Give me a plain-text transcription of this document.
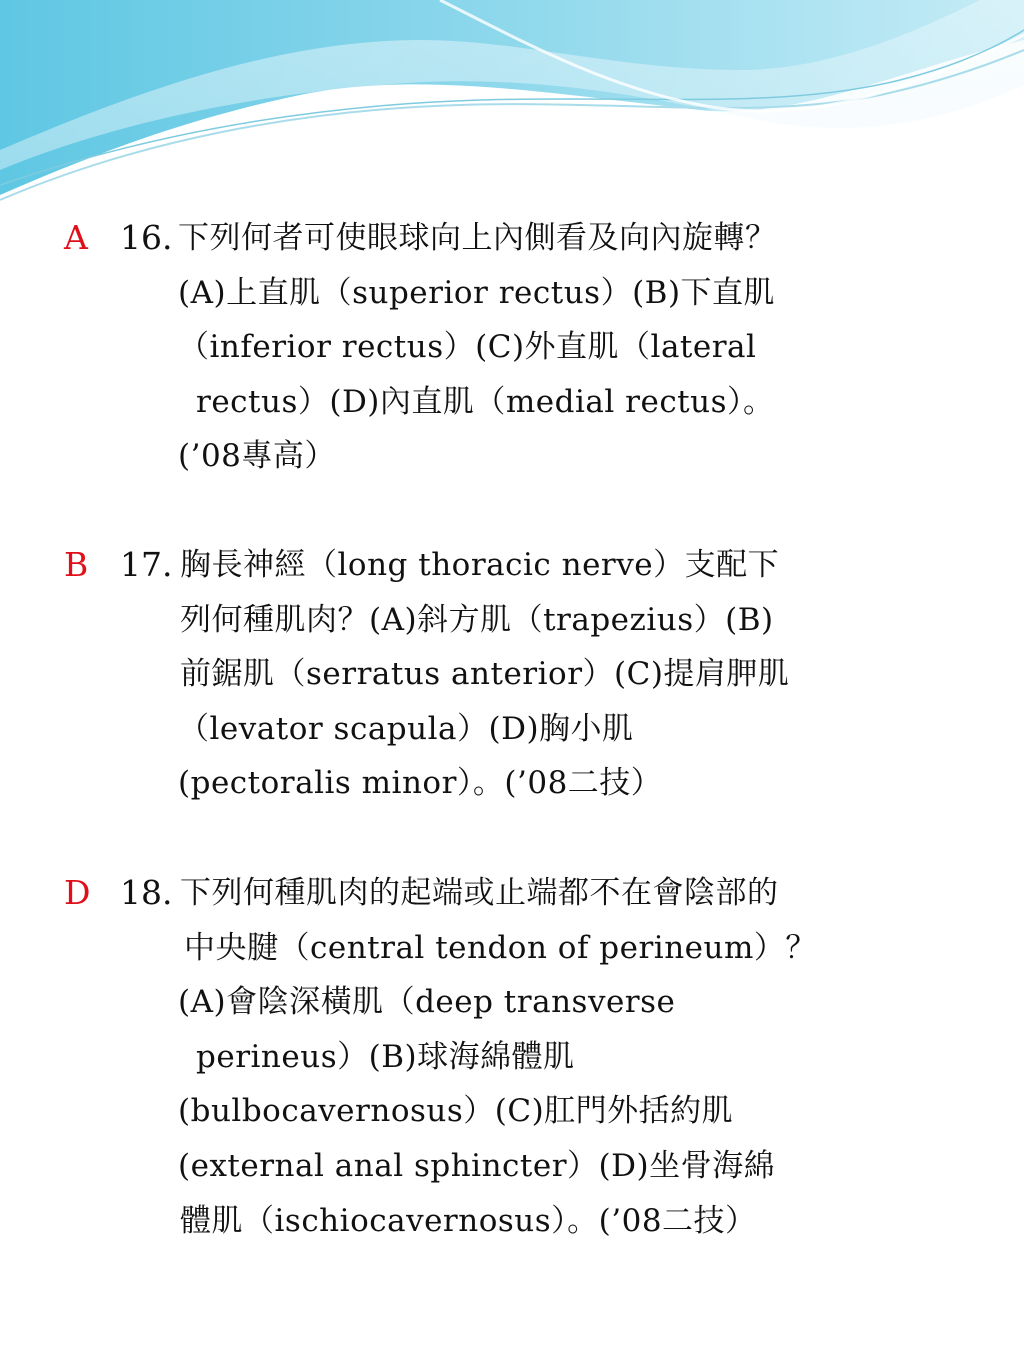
A 16. 下列何者可使眼球向上內側看及向內旋轉？
(A)上直肌（superior rectus）(B)下直肌
（inferior rectus）(C)外直肌（lateral
rectus）(D)內直肌（medial rectus）。
(’08專高）
B 17. 胸長神經（long thoracic nerve）支配下
列何種肌肉？(A)斜方肌（trapezius）(B)
前鋸肌（serratus anterior）(C)提肩胛肌
（levator scapula）(D)胸小肌
(pectoralis minor）。(’08二技）
D 18. 下列何種肌肉的起端或止端都不在會陰部的
中央腱（central tendon of perineum）？
(A)會陰深橫肌（deep transverse
perineus）(B)球海綿體肌
(bulbocavernosus）(C)肛門外括約肌
(external anal sphincter）(D)坐骨海綿
體肌（ischiocavernosus）。(’08二技）
